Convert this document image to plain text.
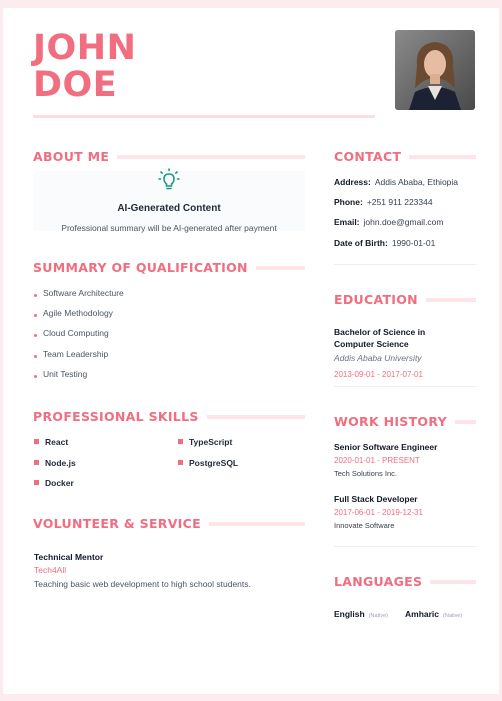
JOHN
DOE
ABOUT ME
AI-Generated Content
Professional summary will be AI-generated after payment
SUMMARY OF QUALIFICATION
Software Architecture
Agile Methodology
Cloud Computing
Team Leadership
Unit Testing
PROFESSIONAL SKILLS
React	TypeScript
Node.js	PostgreSQL
Docker
VOLUNTEER & SERVICE
Technical Mentor
Tech4All
Teaching basic web development to high school students.
CONTACT
Address: Addis Ababa, Ethiopia
Phone: +251 911 223344
Email: john.doe@gmail.com
Date of Birth: 1990-01-01
EDUCATION
Bachelor of Science in Computer Science
Addis Ababa University
2013-09-01 - 2017-07-01
WORK HISTORY
Senior Software Engineer
2020-01-01 - PRESENT
Tech Solutions Inc.
Full Stack Developer
2017-06-01 - 2019-12-31
Innovate Software
LANGUAGES
English (Native) Amharic (Native)
